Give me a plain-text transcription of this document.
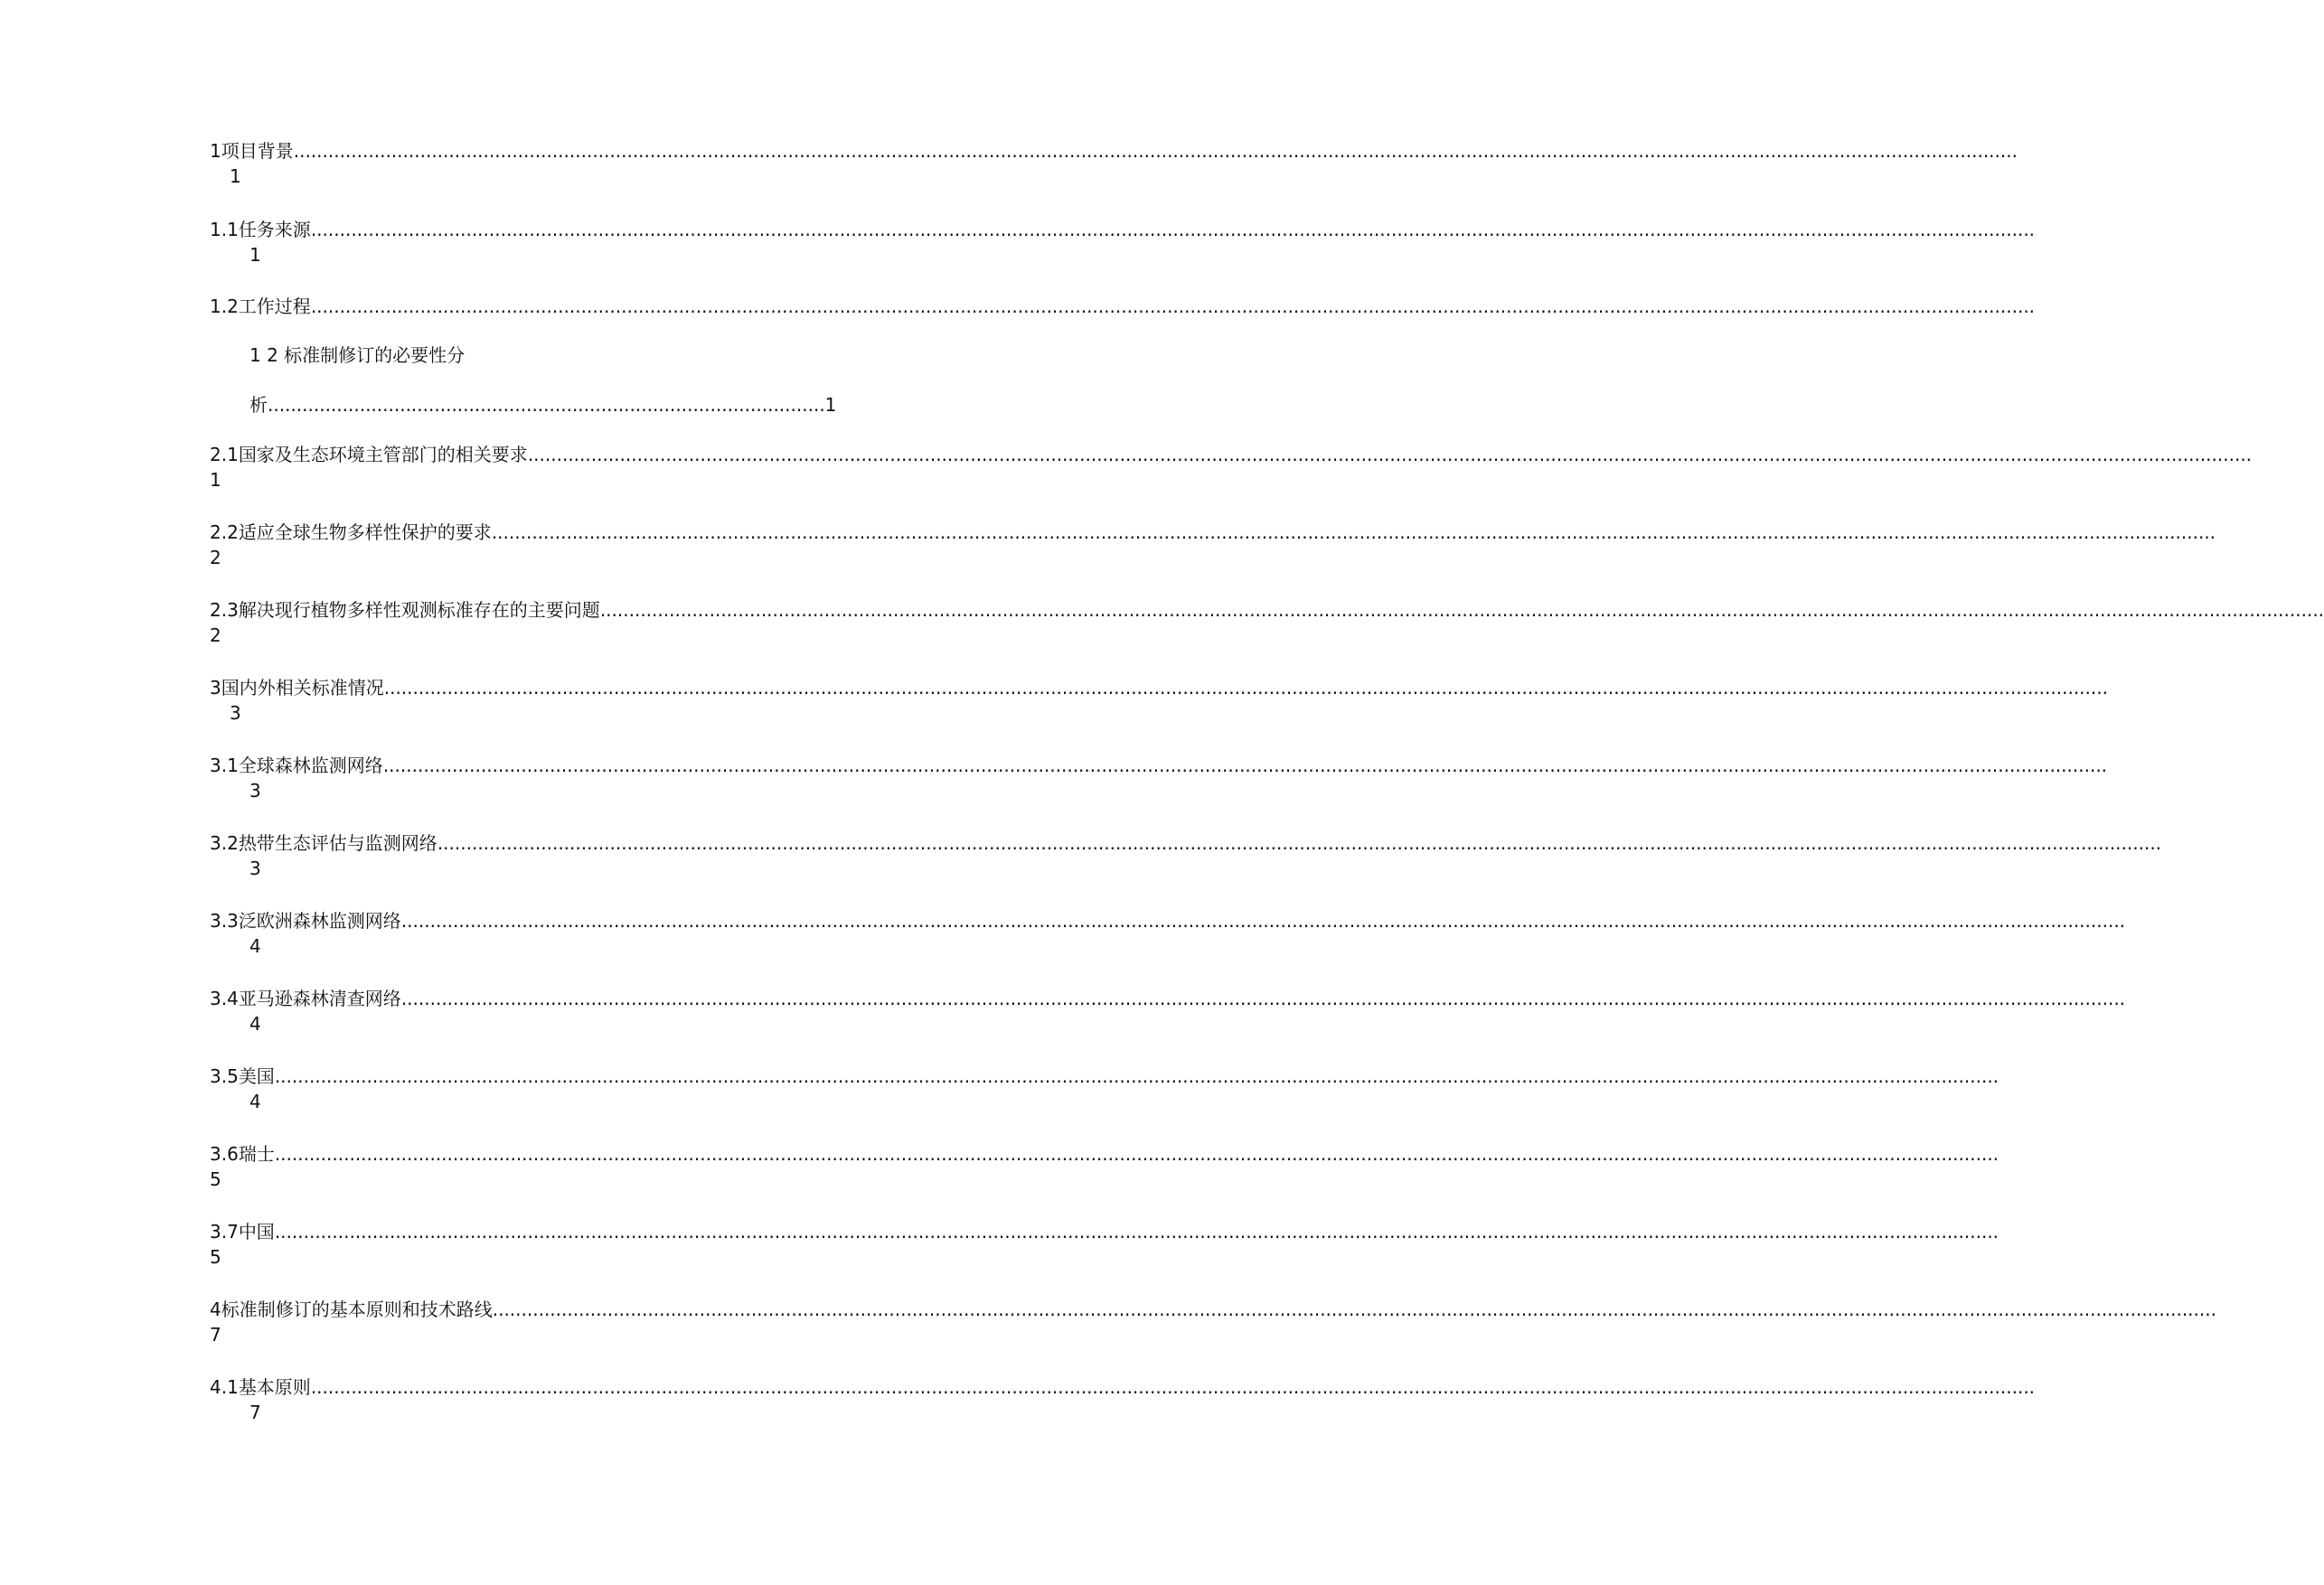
1 项目背景 ............................................................................................................................................................................................................................................................................................................
1
1.1 任务来源 ............................................................................................................................................................................................................................................................................................................
1
1.2 工作过程 ............................................................................................................................................................................................................................................................................................................
1 2 标准制修订的必要性分
析.................................................................................................1
2.1 国家及生态环境主管部门的相关要求 ............................................................................................................................................................................................................................................................................................................
1
2.2 适应全球生物多样性保护的要求 ............................................................................................................................................................................................................................................................................................................
2
2.3 解决现行植物多样性观测标准存在的主要问题 ............................................................................................................................................................................................................................................................................................................
2
3 国内外相关标准情况 ............................................................................................................................................................................................................................................................................................................
3
3.1 全球森林监测网络 ............................................................................................................................................................................................................................................................................................................
3
3.2 热带生态评估与监测网络 ............................................................................................................................................................................................................................................................................................................
3
3.3 泛欧洲森林监测网络 ............................................................................................................................................................................................................................................................................................................
4
3.4 亚马逊森林清查网络 ............................................................................................................................................................................................................................................................................................................
4
3.5 美国 ............................................................................................................................................................................................................................................................................................................
4
3.6 瑞士 ............................................................................................................................................................................................................................................................................................................
5
3.7 中国 ............................................................................................................................................................................................................................................................................................................
5
4 标准制修订的基本原则和技术路线 ............................................................................................................................................................................................................................................................................................................
7
4.1 基本原则 ............................................................................................................................................................................................................................................................................................................
7
